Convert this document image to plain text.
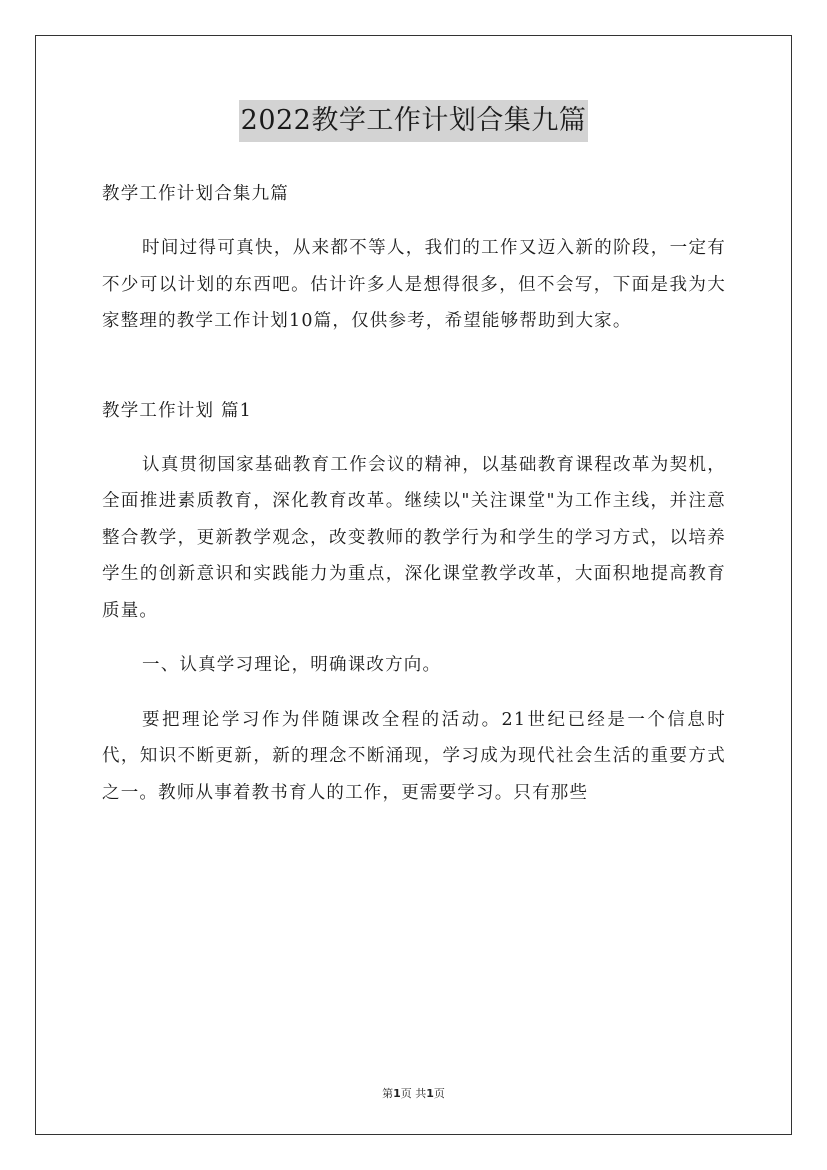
2022教学工作计划合集九篇
教学工作计划合集九篇
时间过得可真快，从来都不等人，我们的工作又迈入新的阶段，一定有不少可以计划的东西吧。估计许多人是想得很多，但不会写，下面是我为大家整理的教学工作计划10篇，仅供参考，希望能够帮助到大家。
教学工作计划 篇1
认真贯彻国家基础教育工作会议的精神，以基础教育课程改革为契机，全面推进素质教育，深化教育改革。继续以"关注课堂"为工作主线，并注意整合教学，更新教学观念，改变教师的教学行为和学生的学习方式，以培养学生的创新意识和实践能力为重点，深化课堂教学改革，大面积地提高教育质量。
一、认真学习理论，明确课改方向。
要把理论学习作为伴随课改全程的活动。21世纪已经是一个信息时代，知识不断更新，新的理念不断涌现，学习成为现代社会生活的重要方式之一。教师从事着教书育人的工作，更需要学习。只有那些
第1页 共1页
